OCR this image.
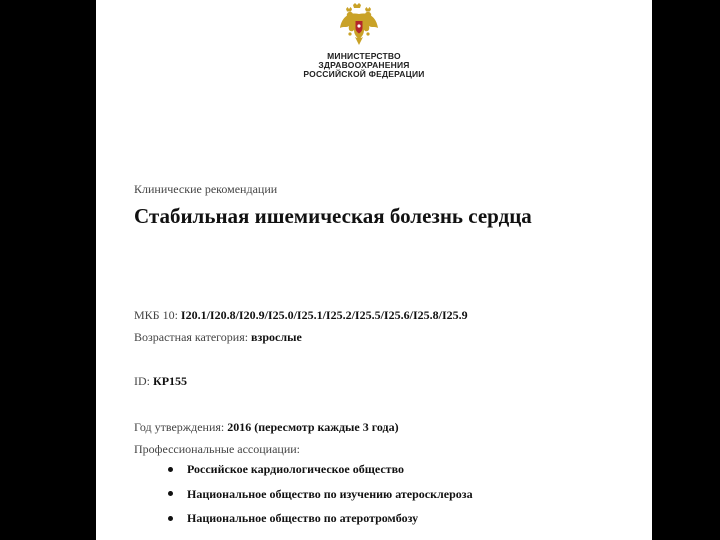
МИНИСТЕРСТВО
ЗДРАВООХРАНЕНИЯ
РОССИЙСКОЙ ФЕДЕРАЦИИ
Клинические рекомендации
Стабильная ишемическая болезнь сердца
МКБ 10: I20.1/I20.8/I20.9/I25.0/I25.1/I25.2/I25.5/I25.6/I25.8/I25.9
Возрастная категория: взрослые
ID: КР155
Год утверждения: 2016 (пересмотр каждые 3 года)
Профессиональные ассоциации:
Российское кардиологическое общество
Национальное общество по изучению атеросклероза
Национальное общество по атеротромбозу
